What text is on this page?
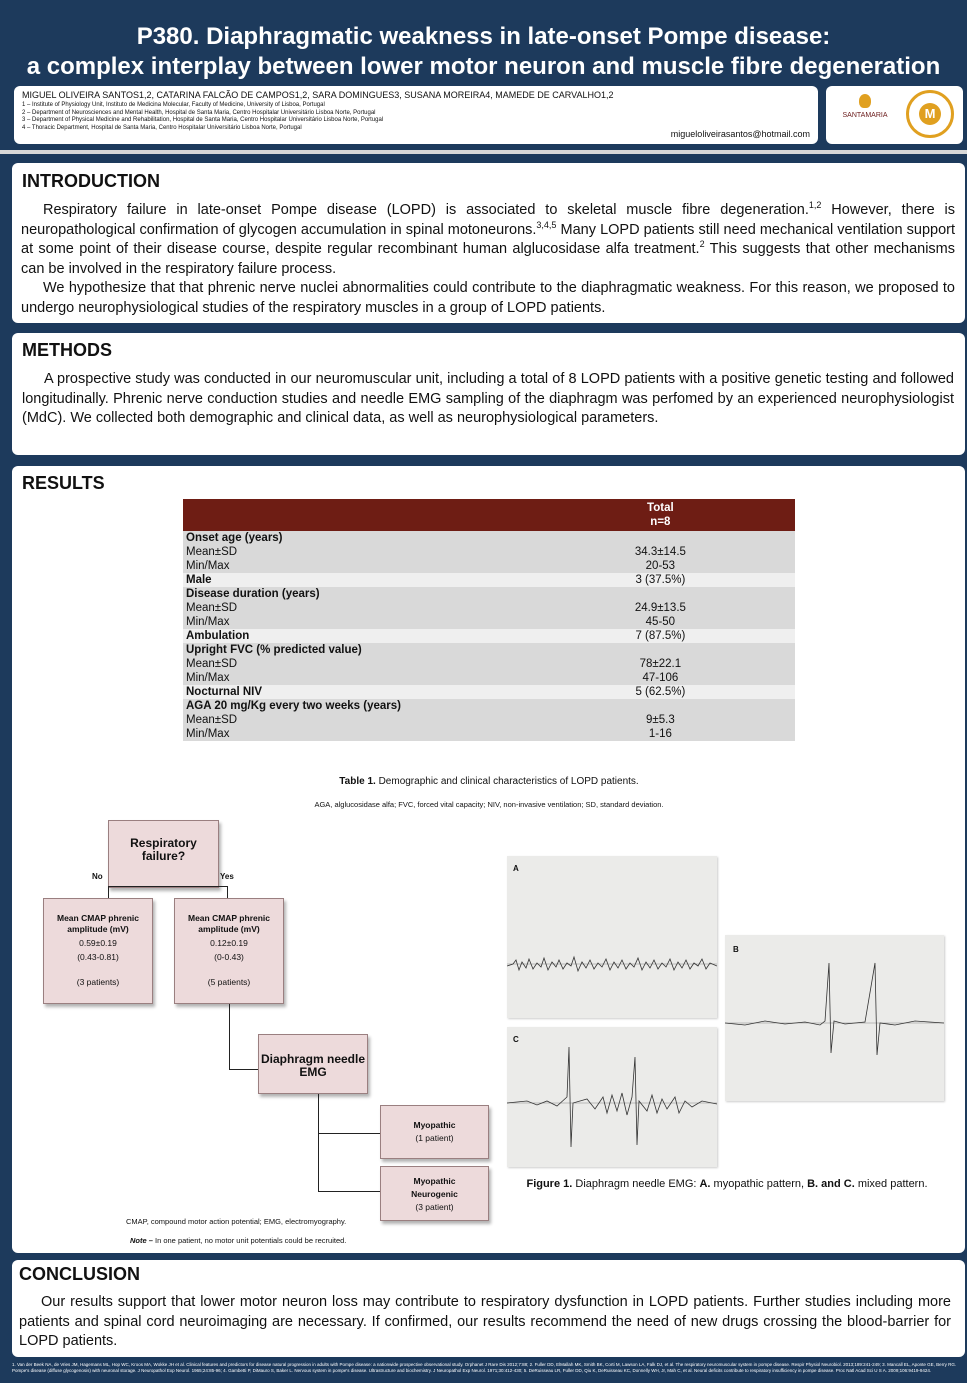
P380. Diaphragmatic weakness in late-onset Pompe disease:
a complex interplay between lower motor neuron and muscle fibre degeneration
MIGUEL OLIVEIRA SANTOS1,2, CATARINA FALCÃO DE CAMPOS1,2, SARA DOMINGUES3, SUSANA MOREIRA4, MAMEDE DE CARVALHO1,2
1 – Institute of Physiology Unit, Instituto de Medicina Molecular, Faculty of Medicine, University of Lisboa, Portugal
2 – Department of Neurosciences and Mental Health, Hospital de Santa Maria, Centro Hospitalar Universitário Lisboa Norte, Portugal
3 – Department of Physical Medicine and Rehabilitation, Hospital de Santa Maria, Centro Hospitalar Universitário Lisboa Norte, Portugal
4 – Thoracic Department, Hospital de Santa Maria, Centro Hospitalar Universitário Lisboa Norte, Portugal
migueloliveirasantos@hotmail.com
SANTAMARIA	M
INTRODUCTION

Respiratory failure in late-onset Pompe disease (LOPD) is associated to skeletal muscle fibre degeneration.$^{1,2}$ However, there is neuropathological confirmation of glycogen accumulation in spinal motoneurons.$^{3,4,5}$ Many LOPD patients still need mechanical ventilation support at some point of their disease course, despite regular recombinant human alglucosidase alfa treatment.$^2$ This suggests that other mechanisms can be involved in the respiratory failure process.

We hypothesize that that phrenic nerve nuclei abnormalities could contribute to the diaphragmatic weakness. For this reason, we proposed to undergo neurophysiological studies of the respiratory muscles in a group of LOPD patients.

METHODS

A prospective study was conducted in our neuromuscular unit, including a total of 8 LOPD patients with a positive genetic testing and followed longitudinally. Phrenic nerve conduction studies and needle EMG sampling of the diaphragm was perfomed by an experienced neurophysiologist (MdC). We collected both demographic and clinical data, as well as neurophysiological parameters.

RESULTS

	Total
n=8

Onset age (years)	
Mean±SD	34.3±14.5
Min/Max	20-53
Male	3 (37.5%)
Disease duration (years)	
Mean±SD	24.9±13.5
Min/Max	45-50
Ambulation	7 (87.5%)
Upright FVC (% predicted value)	
Mean±SD	78±22.1
Min/Max	47-106
Nocturnal NIV	5 (62.5%)
AGA 20 mg/Kg every two weeks (years)	
Mean±SD	9±5.3
Min/Max	1-16
Table 1. Demographic and clinical characteristics of LOPD patients.
AGA, alglucosidase alfa; FVC, forced vital capacity; NIV, non-invasive ventilation; SD, standard deviation.
Respiratory failure?
No	Yes
Mean CMAP phrenic amplitude (mV)
0.59±0.19
(0.43-0.81)
(3 patients)
Mean CMAP phrenic amplitude (mV)
0.12±0.19
(0-0.43)
(5 patients)
Diaphragm needle EMG
Myopathic
(1 patient)
Myopathic
Neurogenic
(3 patient)
CMAP, compound motor action potential; EMG, electromyography.
Note – In one patient, no motor unit potentials could be recruited.
A
C
B
Figure 1. Diaphragm needle EMG: A. myopathic pattern, B. and C. mixed pattern.
CONCLUSION

Our results support that lower motor neuron loss may contribute to respiratory dysfunction in LOPD patients. Further studies including more patients and spinal cord neuroimaging are necessary. If confirmed, our results recommend the need of new drugs crossing the blood-barrier for LOPD patients.

1. Van der Beek NA, de Vries JM, Hagemans ML, Hop WC, Kroos MA, Wokke JH et al. Clinical features and predictors for disease natural progression in adults with Pompe disease: a nationwide prospective observational study. Orphanet J Rare Dis 2012;7:88; 2. Fuller DD, ElMallah MK, Smith BK, Corti M, Lawson LA, Falk DJ, et al. The respiratory neuromuscular system in pompe disease. Respir Physiol Neurobiol. 2013;189:241-249; 3. Mancall EL, Aponte GE, Berry RG. Pompe's disease (diffuse glycogenosis) with neuronal storage. J Neuropathol Exp Neurol. 1965;24:85-96; 4. Gambetti P, DiMauro S, Baker L. Nervous system in pompe's disease. Ultrastructure and biochemistry. J Neuropathol Exp Neurol. 1971;30:412-430; 5. DeRuisseau LR, Fuller DD, Qiu K, DeRuisseau KC, Donnelly WH, Jr, Mah C, et al. Neural deficits contribute to respiratory insufficiency in pompe disease. Proc Natl Acad Sci U S A. 2009;106:9419-9424.
